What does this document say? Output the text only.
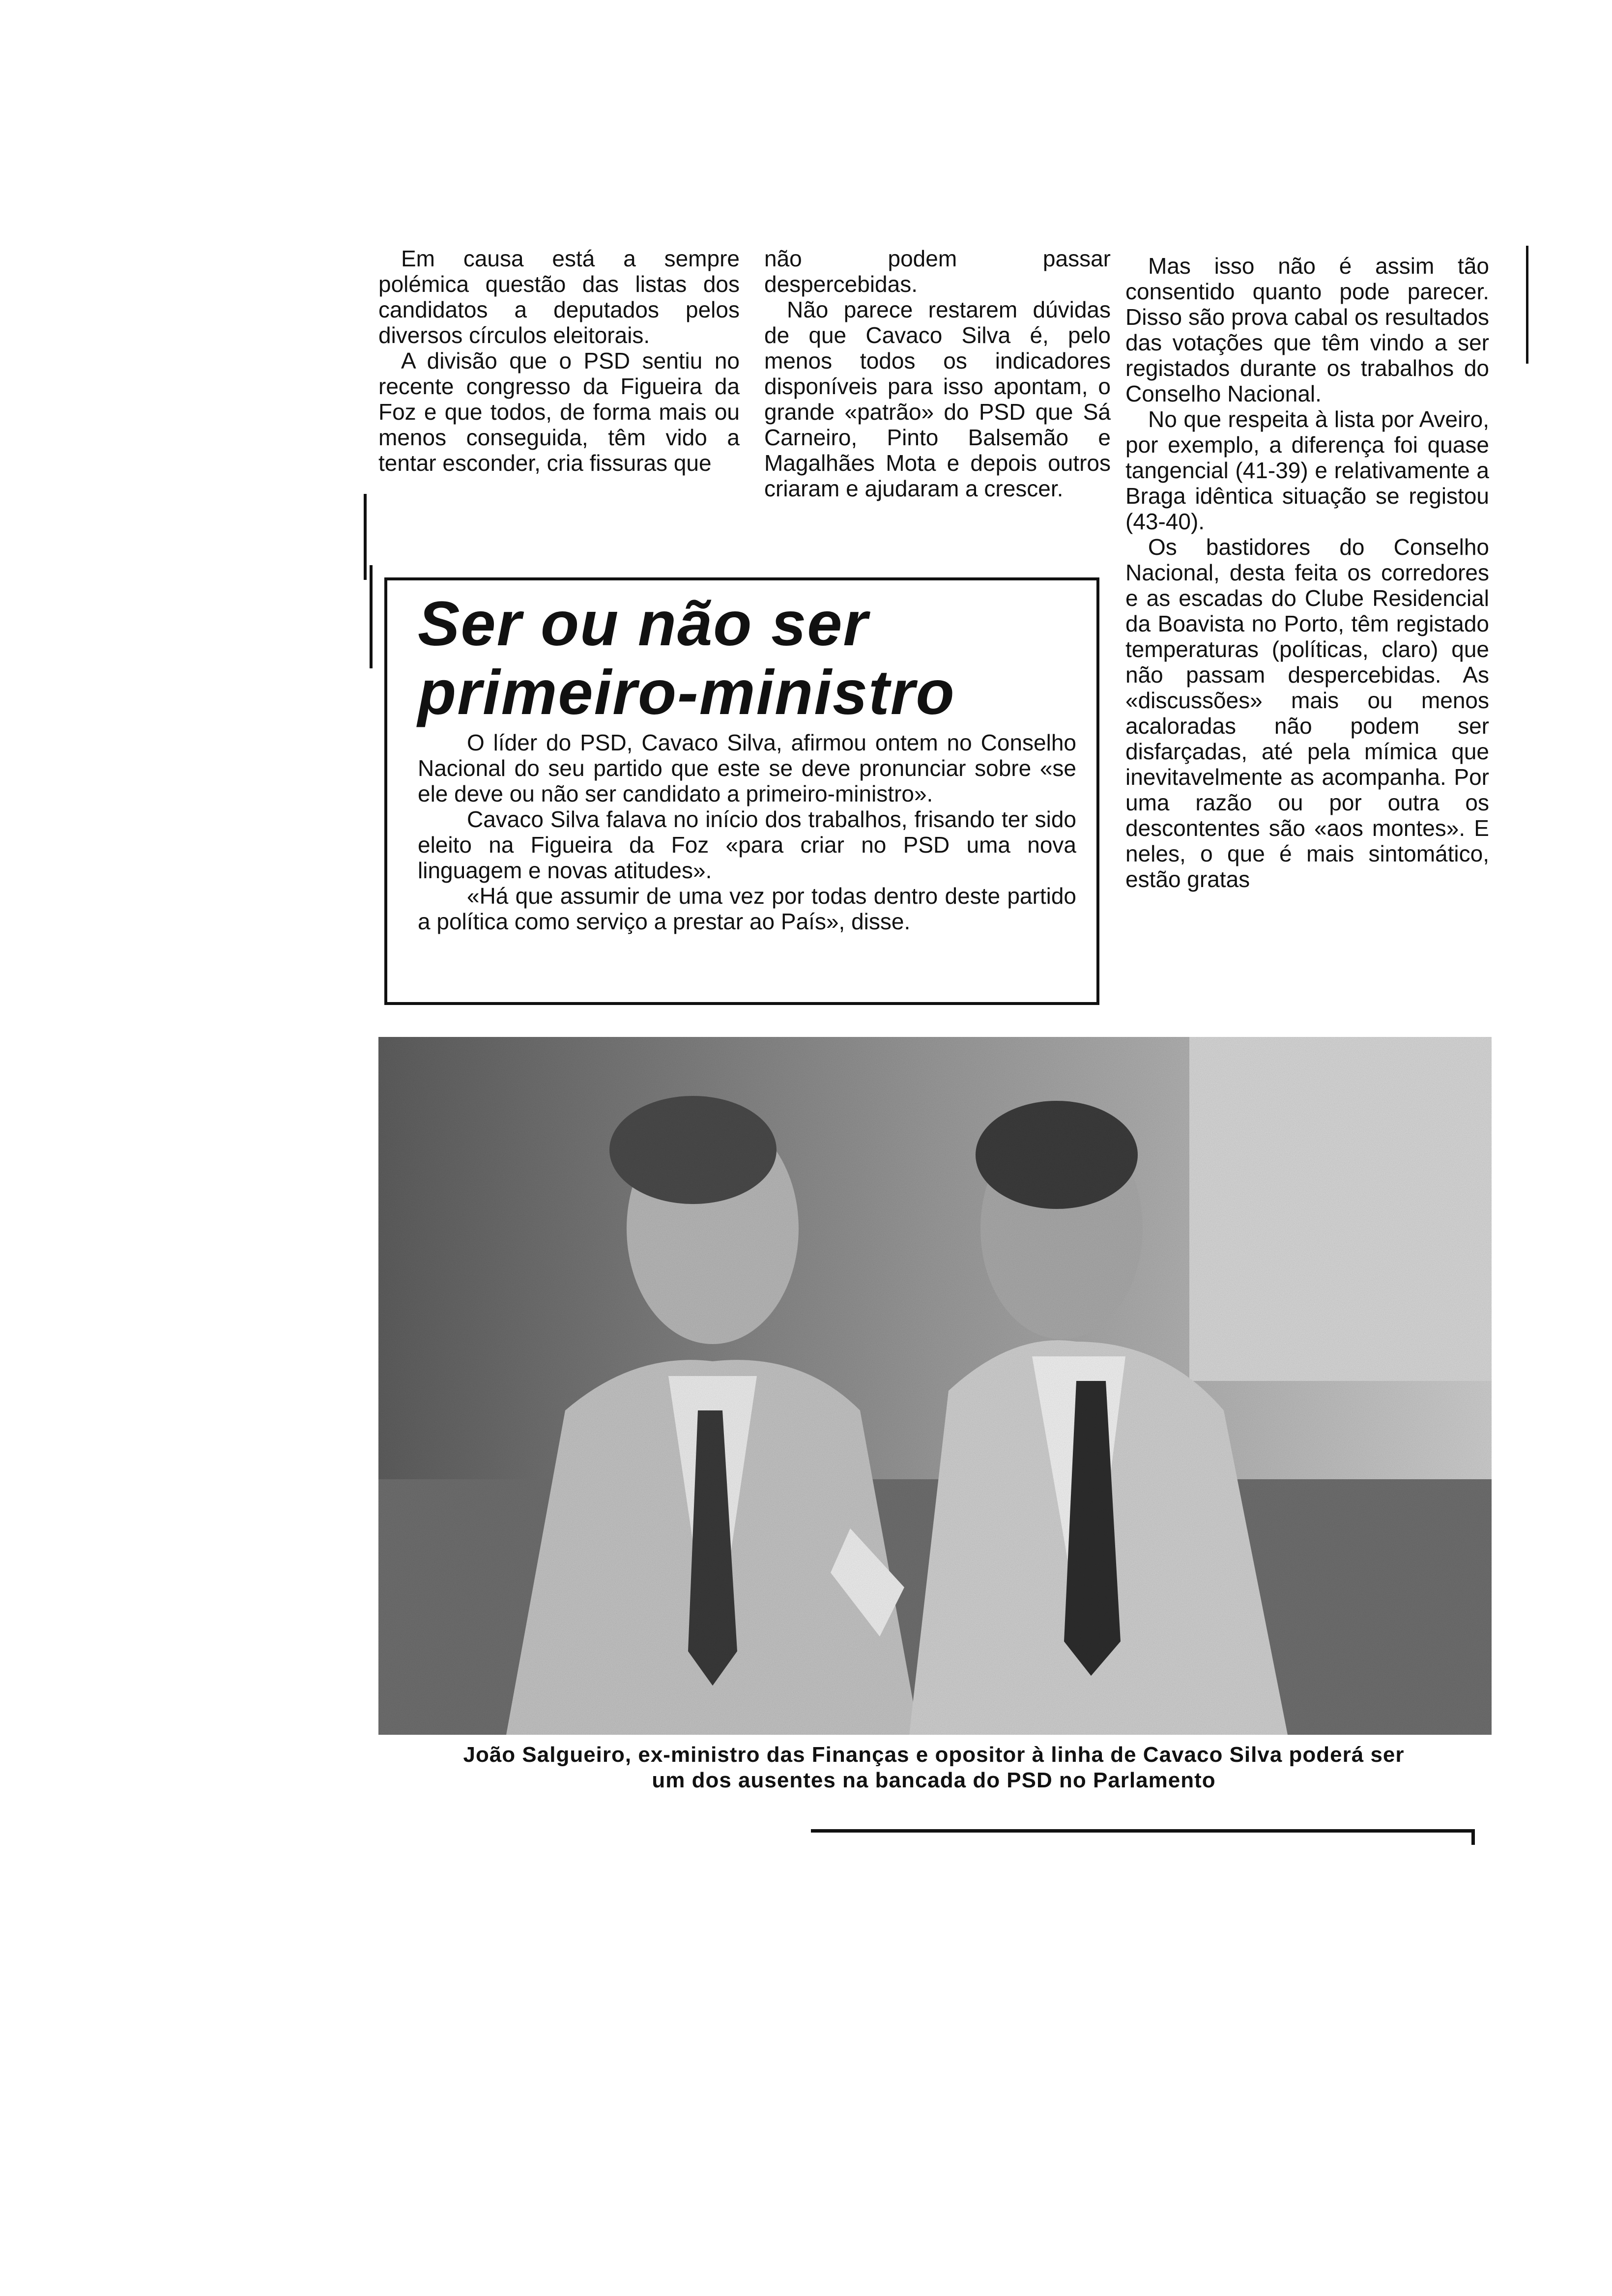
Em causa está a sempre polémica questão das listas dos candidatos a deputados pelos diversos círculos eleitorais.

A divisão que o PSD sentiu no recente congresso da Figueira da Foz e que todos, de forma mais ou menos conseguida, têm vido a tentar esconder, cria fissuras que

não podem passar despercebidas.

Não parece restarem dúvidas de que Cavaco Silva é, pelo menos todos os indicadores disponíveis para isso apontam, o grande «patrão» do PSD que Sá Carneiro, Pinto Balsemão e Magalhães Mota e depois outros criaram e ajudaram a crescer.

Mas isso não é assim tão consentido quanto pode parecer. Disso são prova cabal os resultados das votações que têm vindo a ser registados durante os trabalhos do Conselho Nacional.

No que respeita à lista por Aveiro, por exemplo, a diferença foi quase tangencial (41-39) e relativamente a Braga idêntica situação se registou (43-40).

Os bastidores do Conselho Nacional, desta feita os corredores e as escadas do Clube Residencial da Boavista no Porto, têm registado temperaturas (políticas, claro) que não passam despercebidas. As «discussões» mais ou menos acaloradas não podem ser disfarçadas, até pela mímica que inevitavelmente as acompanha. Por uma razão ou por outra os descontentes são «aos montes». E neles, o que é mais sintomático, estão gratas

Ser ou não ser
primeiro-ministro

O líder do PSD, Cavaco Silva, afirmou ontem no Conselho Nacional do seu partido que este se deve pronunciar sobre «se ele deve ou não ser candidato a primeiro-ministro».

Cavaco Silva falava no início dos trabalhos, frisando ter sido eleito na Figueira da Foz «para criar no PSD uma nova linguagem e novas atitudes».

«Há que assumir de uma vez por todas dentro deste partido a política como serviço a prestar ao País», disse.

João Salgueiro, ex-ministro das Finanças e opositor à linha de Cavaco Silva poderá ser
um dos ausentes na bancada do PSD no Parlamento
